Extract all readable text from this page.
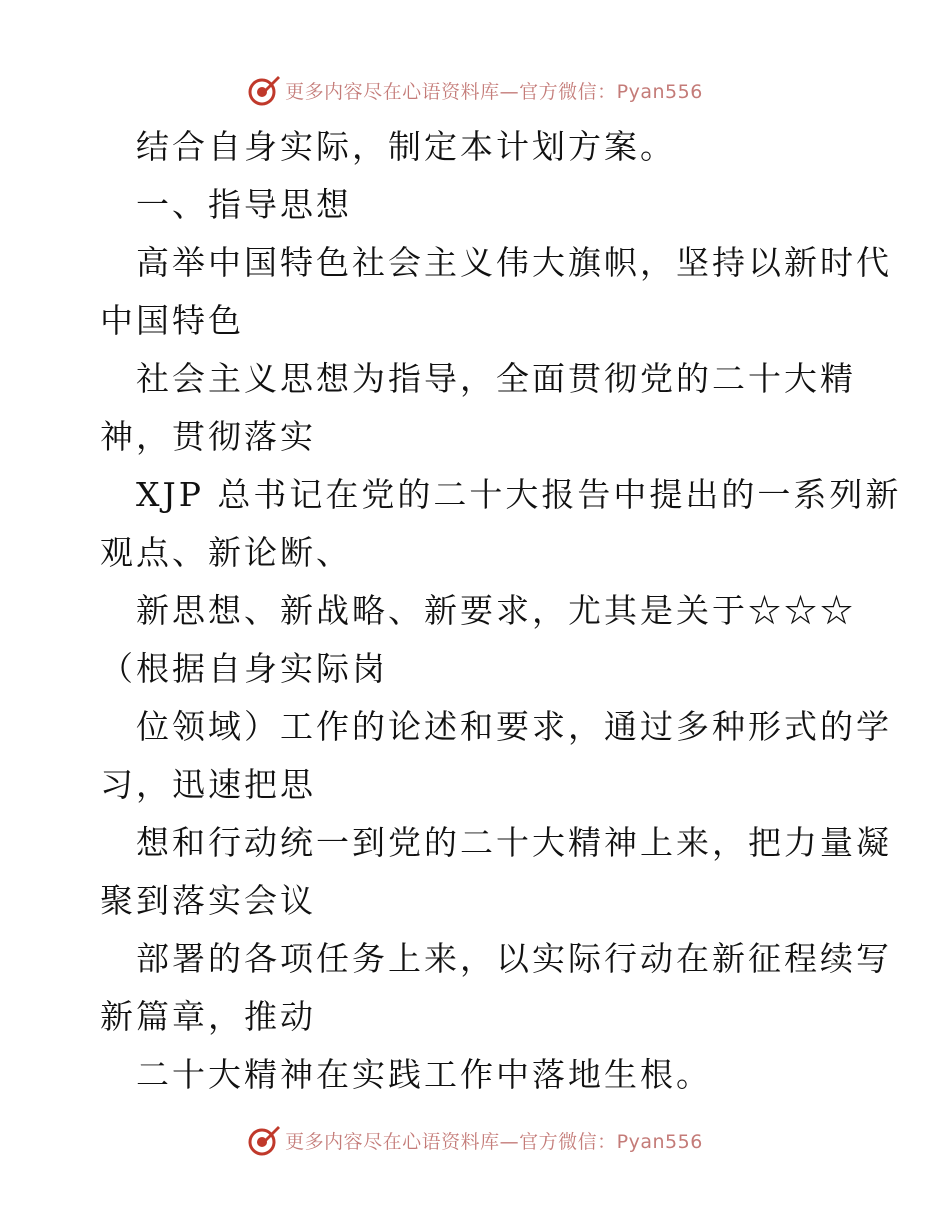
更多内容尽在心语资料库—官方微信：Pyan556
结合自身实际，制定本计划方案。
一、指导思想
高举中国特色社会主义伟大旗帜，坚持以新时代
中国特色
社会主义思想为指导，全面贯彻党的二十大精
神，贯彻落实
XJP 总书记在党的二十大报告中提出的一系列新
观点、新论断、
新思想、新战略、新要求，尤其是关于☆☆☆
（根据自身实际岗
位领域）工作的论述和要求，通过多种形式的学
习，迅速把思
想和行动统一到党的二十大精神上来，把力量凝
聚到落实会议
部署的各项任务上来，以实际行动在新征程续写
新篇章，推动
二十大精神在实践工作中落地生根。
更多内容尽在心语资料库—官方微信：Pyan556
